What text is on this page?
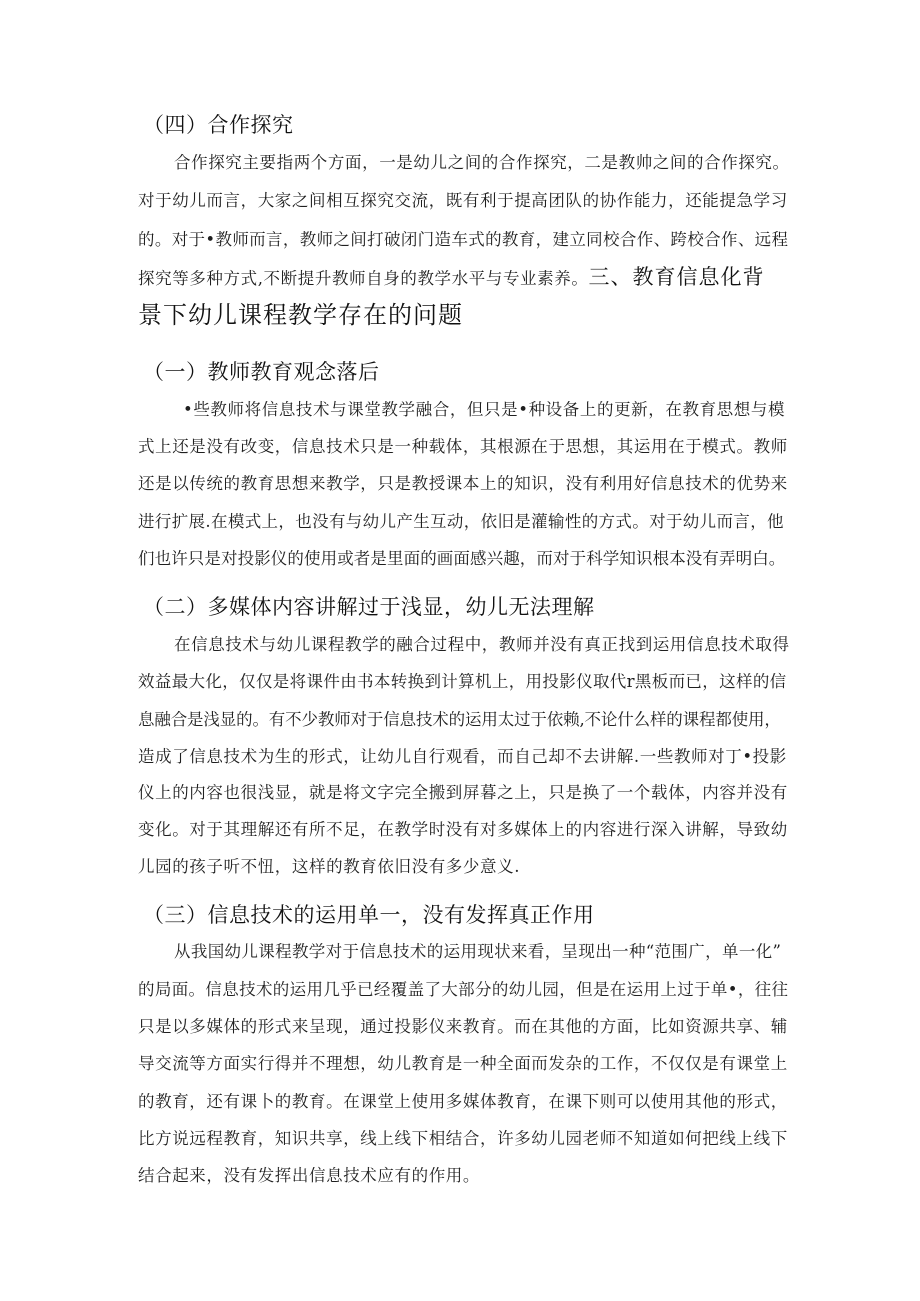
（四）合作探究
合作探究主要指两个方面，一是幼儿之间的合作探究，二是教帅之间的合作探究。
对于幼儿而言，大家之间相互探究交流，既有利于提高团队的协作能力，还能提急学习
的。对于•教师而言，教师之间打破闭门造车式的教育，建立同校合作、跨校合作、远程
探究等多种方式,不断提升教师自身的教学水平与专业素养。三、教育信息化背
景下幼儿课程教学存在的问题
（一）教师教育观念落后
•些教师将信息技术与课堂教学融合，但只是•种设备上的更新，在教育思想与模
式上还是没有改变，信息技术只是一种载体，其根源在于思想，其运用在于模式。教师
还是以传统的教育思想来教学，只是教授课本上的知识，没有利用好信息技术的优势来
进行扩展.在模式上，也没有与幼儿产生互动，依旧是灌输性的方式。对于幼儿而言，他
们也许只是对投影仪的使用或者是里面的画面感兴趣，而对于科学知识根本没有弄明白。
（二）多媒体内容讲解过于浅显，幼儿无法理解
在信息技术与幼儿课程教学的融合过程中，教师并没有真正找到运用信息技术取得
效益最大化，仅仅是将课件由书本转换到计算机上，用投影仪取代r黑板而已，这样的信
息融合是浅显的。有不少教师对于信息技术的运用太过于依赖,不论什么样的课程都使用，
造成了信息技术为生的形式，让幼儿自行观看，而自己却不去讲解.一些教师对丁•投影
仪上的内容也很浅显，就是将文字完全搬到屏暮之上，只是换了一个载体，内容并没有
变化。对于其理解还有所不足，在教学时没有对多媒体上的内容进行深入讲解，导致幼
儿园的孩子听不忸，这样的教育依旧没有多少意义.
（三）信息技术的运用单一，没有发挥真正作用
从我国幼儿课程教学对于信息技术的运用现状来看，呈现出一种“范围广，单一化”
的局面。信息技术的运用几乎已经覆盖了大部分的幼儿园，但是在运用上过于单•，往往
只是以多媒体的形式来呈现，通过投影仪来教育。而在其他的方面，比如资源共享、辅
导交流等方面实行得并不理想，幼儿教育是一种全面而发杂的工作，不仅仅是有课堂上
的教育，还有课卜的教育。在课堂上使用多媒体教育，在课下则可以使用其他的形式，
比方说远程教育，知识共享，线上线下相结合，许多幼儿园老师不知道如何把线上线下
结合起来，没有发挥出信息技术应有的作用。
